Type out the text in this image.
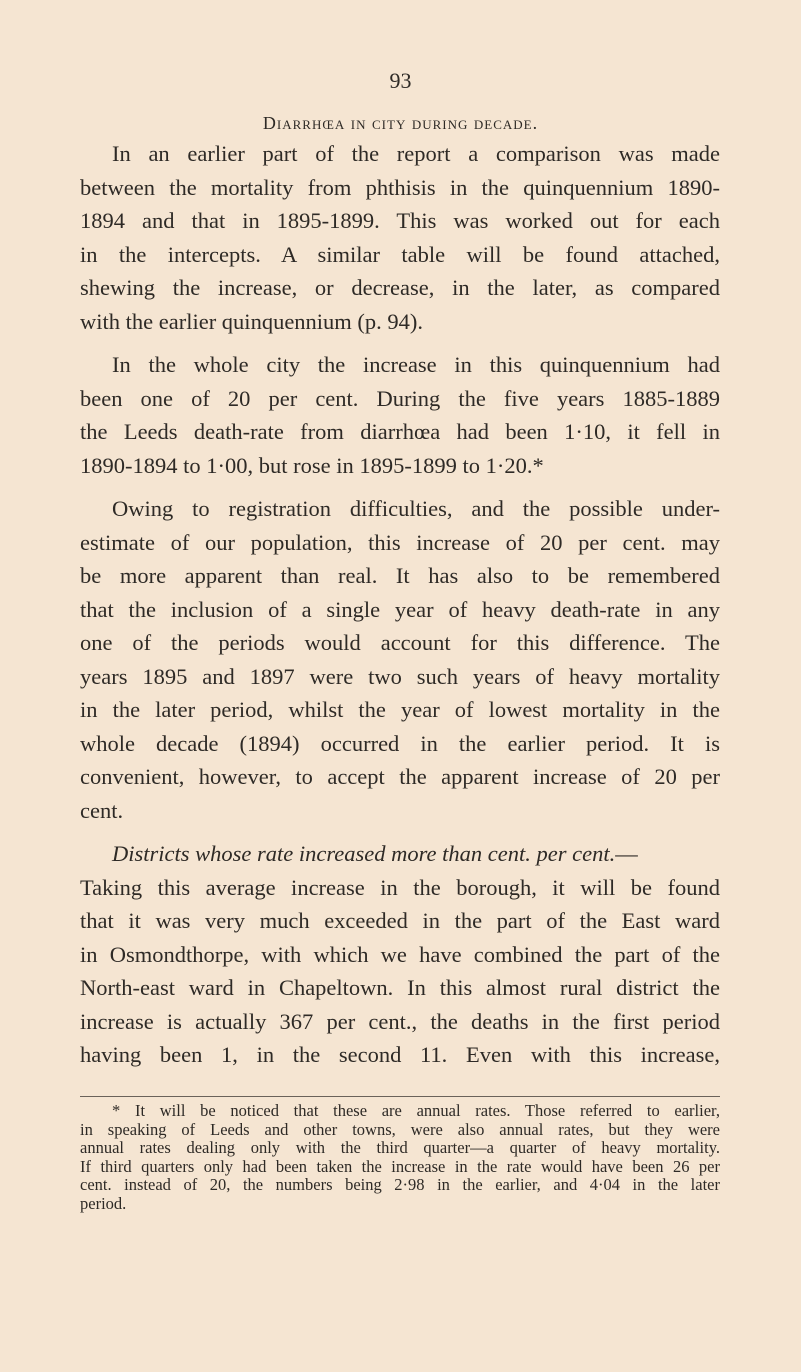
93
Diarrhœa in city during decade.
In an earlier part of the report a comparison was made
between the mortality from phthisis in the quinquennium 1890-
1894 and that in 1895-1899. This was worked out for each
in the intercepts. A similar table will be found attached,
shewing the increase, or decrease, in the later, as compared
with the earlier quinquennium (p. 94).
In the whole city the increase in this quinquennium had
been one of 20 per cent. During the five years 1885-1889
the Leeds death-rate from diarrhœa had been 1·10, it fell in
1890-1894 to 1·00, but rose in 1895-1899 to 1·20.*
Owing to registration difficulties, and the possible under-
estimate of our population, this increase of 20 per cent. may
be more apparent than real. It has also to be remembered
that the inclusion of a single year of heavy death-rate in any
one of the periods would account for this difference. The
years 1895 and 1897 were two such years of heavy mortality
in the later period, whilst the year of lowest mortality in the
whole decade (1894) occurred in the earlier period. It is
convenient, however, to accept the apparent increase of 20 per
cent.
Districts whose rate increased more than cent. per cent.—
Taking this average increase in the borough, it will be found
that it was very much exceeded in the part of the East ward
in Osmondthorpe, with which we have combined the part of the
North-east ward in Chapeltown. In this almost rural district the
increase is actually 367 per cent., the deaths in the first period
having been 1, in the second 11. Even with this increase,
* It will be noticed that these are annual rates. Those referred to earlier,
in speaking of Leeds and other towns, were also annual rates, but they were
annual rates dealing only with the third quarter—a quarter of heavy mortality.
If third quarters only had been taken the increase in the rate would have been 26 per
cent. instead of 20, the numbers being 2·98 in the earlier, and 4·04 in the later
period.
